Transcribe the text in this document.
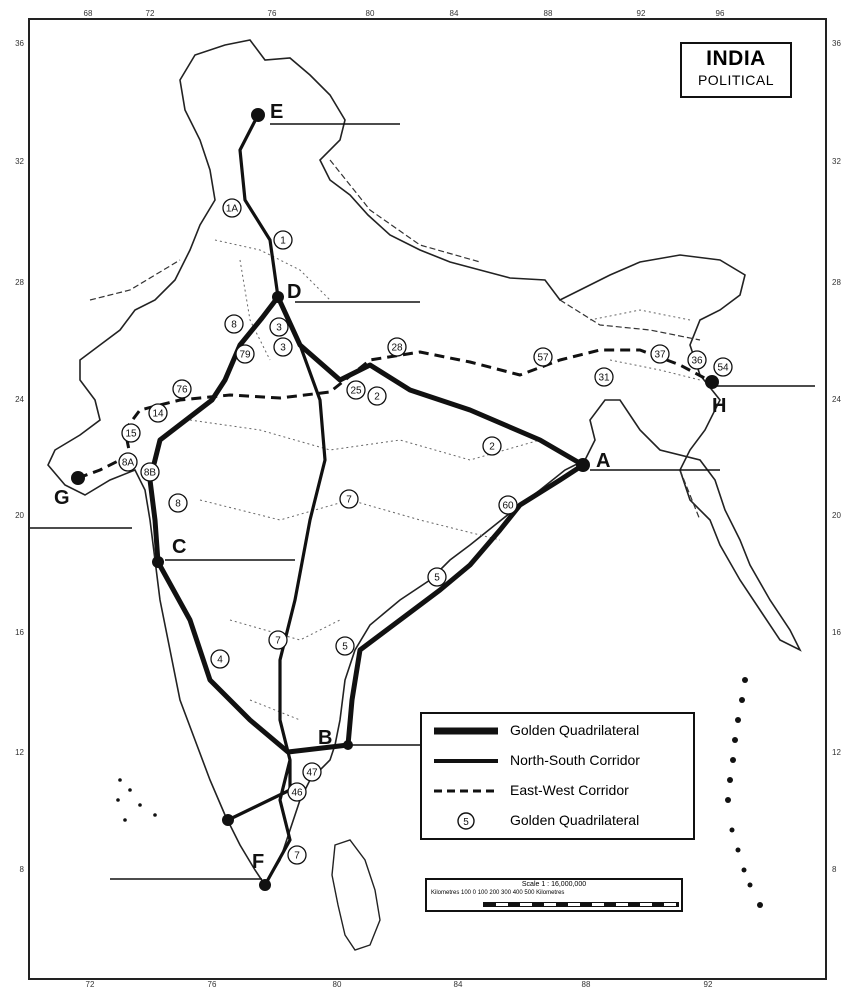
A
B
C
D
E
F
G
H
1A
1
8	3
3
79
76
14
15
8A
8B
8
4
7
7
46
47
7
28
25
2
2
57
31
37
36
54
60
5
5
68	72	76	80	84	88	92	96
72	76	80	84	88	92
36
32
28
24
20
16
12
8
36
32
28
24
20
16
12
8
INDIA
POLITICAL
Golden Quadrilateral
North-South Corridor
East-West Corridor
5	Golden Quadrilateral
Scale 1 : 16,000,000
Kilometres 100 0 100 200 300 400 500 Kilometres
